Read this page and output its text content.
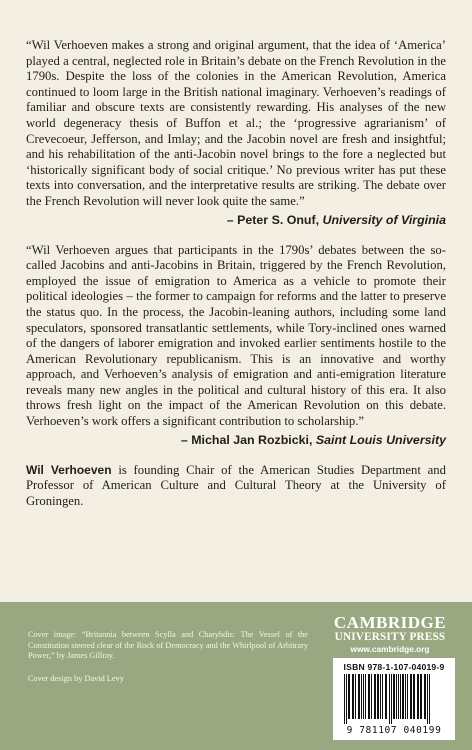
“Wil Verhoeven makes a strong and original argument, that the idea of ‘America’ played a central, neglected role in Britain’s debate on the French Revolution in the 1790s. Despite the loss of the colonies in the American Revolution, America continued to loom large in the British national imaginary. Verhoeven’s readings of familiar and obscure texts are consistently rewarding. His analyses of the new world degeneracy thesis of Buffon et al.; the ‘progressive agrarianism’ of Crevecoeur, Jefferson, and Imlay; and the Jacobin novel are fresh and insightful; and his rehabilitation of the anti-Jacobin novel brings to the fore a neglected but ‘historically significant body of social critique.’ No previous writer has put these texts into conversation, and the interpretative results are striking. The debate over the French Revolution will never look quite the same.”

– Peter S. Onuf, University of Virginia

“Wil Verhoeven argues that participants in the 1790s’ debates between the so-called Jacobins and anti-Jacobins in Britain, triggered by the French Revolution, employed the issue of emigration to America as a vehicle to promote their political ideologies – the former to campaign for reforms and the latter to preserve the status quo. In the process, the Jacobin-leaning authors, including some land speculators, sponsored transatlantic settlements, while Tory-inclined ones warned of the dangers of laborer emigration and invoked earlier sentiments hostile to the American Revolutionary republicanism. This is an innovative and worthy approach, and Verhoeven’s analysis of emigration and anti-emigration literature reveals many new angles in the political and cultural history of this era. It also throws fresh light on the impact of the American Revolution on this debate. Verhoeven’s work offers a significant contribution to scholarship.”

– Michal Jan Rozbicki, Saint Louis University

Wil Verhoeven is founding Chair of the American Studies Department and Professor of American Culture and Cultural Theory at the University of Groningen.

Cover image: “Britannia between Scylla and Charybdis: The Vessel of the Constitution steered clear of the Rock of Democracy and the Whirlpool of Arbitrary Power,” by James Gillray.

Cover design by David Levy

CAMBRIDGE
UNIVERSITY PRESS
www.cambridge.org
ISBN 978-1-107-04019-9
9 781107 040199
